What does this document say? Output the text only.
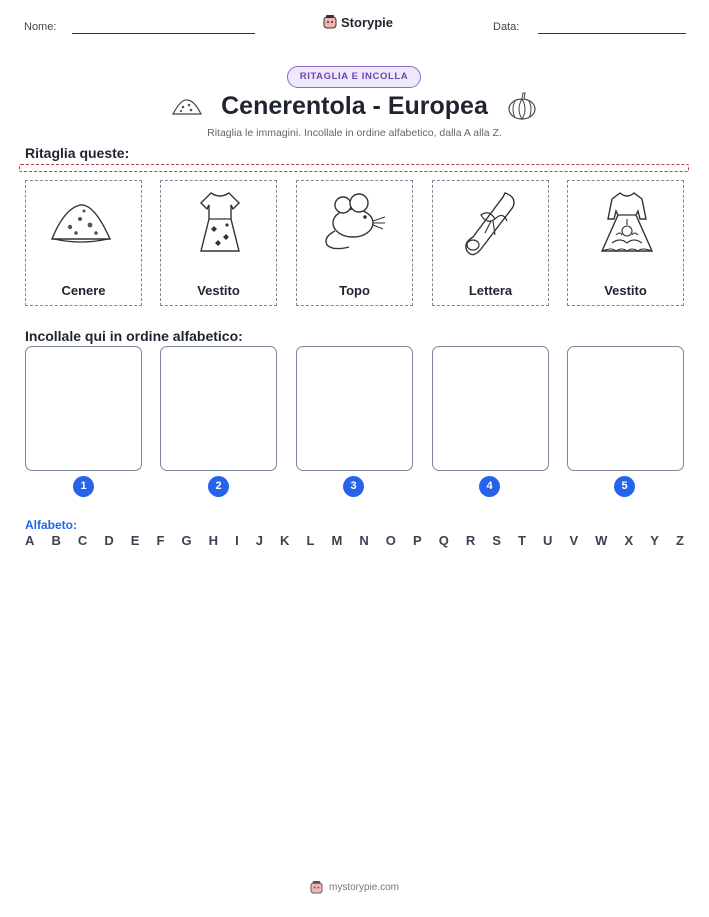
Nome:	Storypie	Data:
RITAGLIA E INCOLLA
Cenerentola - Europea
Ritaglia le immagini. Incollale in ordine alfabetico, dalla A alla Z.
Ritaglia queste:
Cenere	Vestito	Topo	Lettera	Vestito
Incollale qui in ordine alfabetico:
1	2	3	4	5
Alfabeto:
A B C D E F G H I J K L M N O P Q R S T U V W X Y Z
mystorypie.com
